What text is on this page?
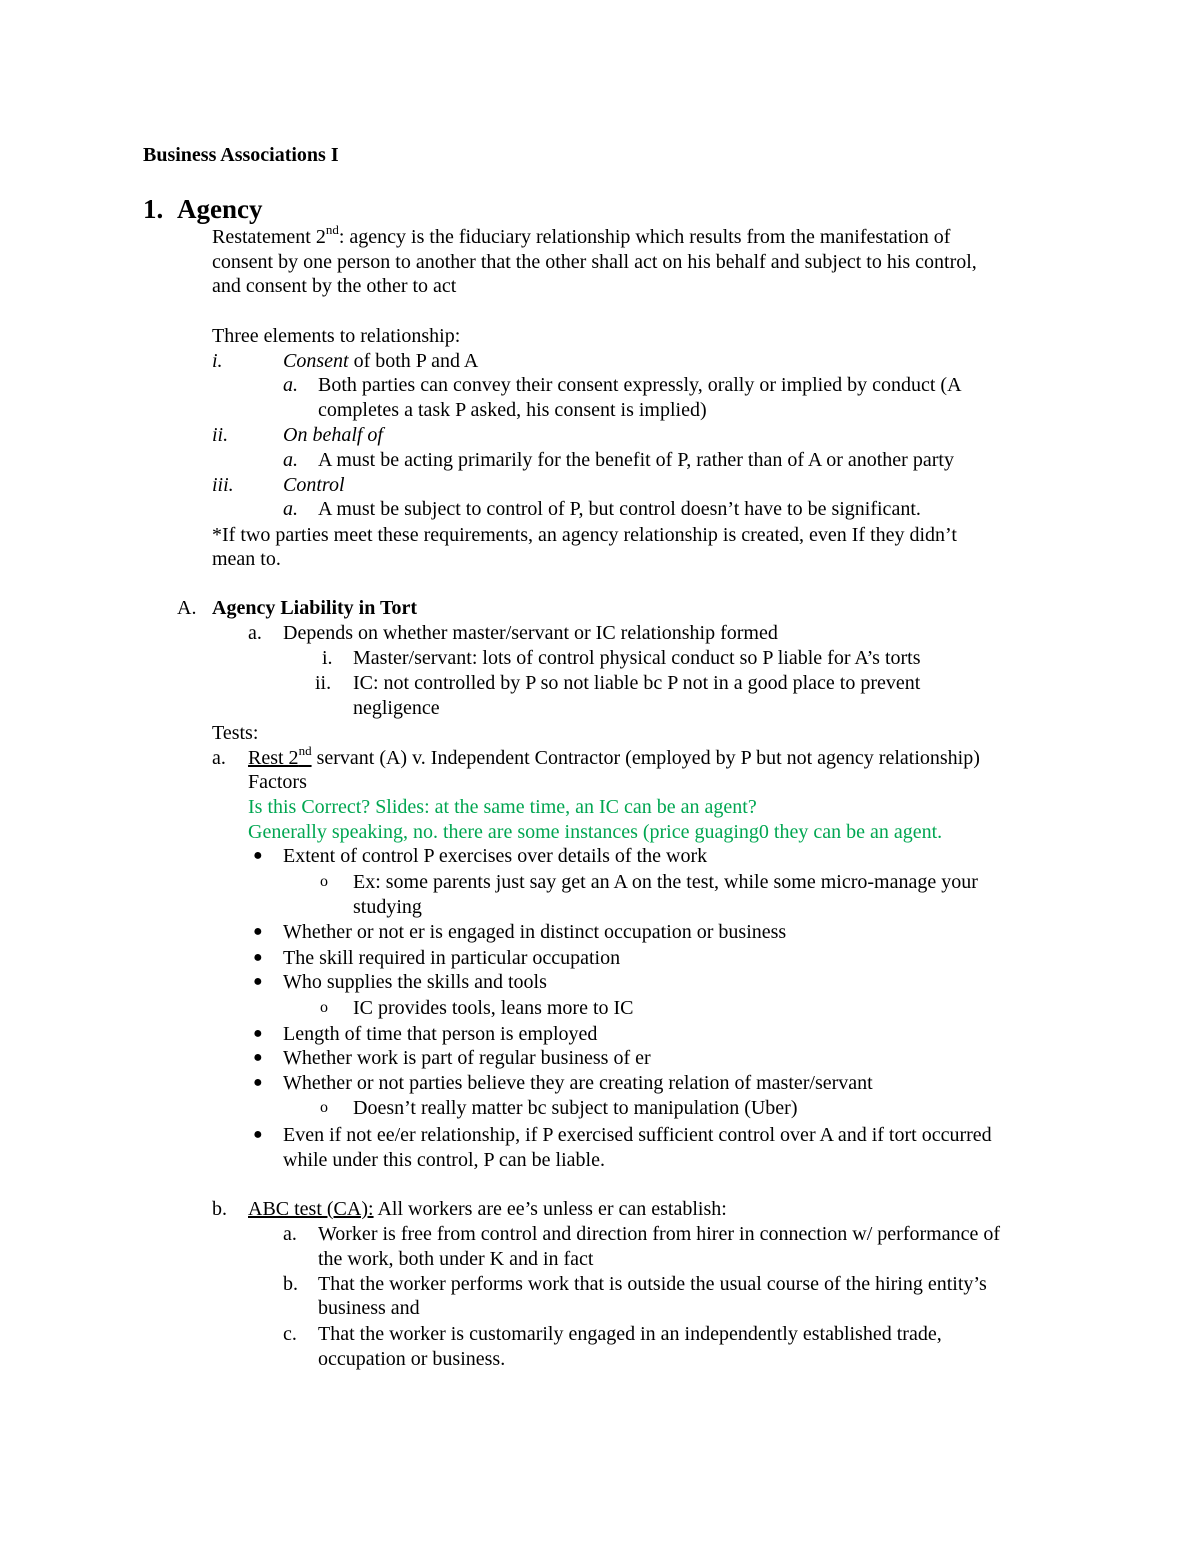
Business Associations I
1. Agency
Restatement 2nd: agency is the fiduciary relationship which results from the manifestation of
consent by one person to another that the other shall act on his behalf and subject to his control,
and consent by the other to act
Three elements to relationship:
i.	Consent of both P and A
a. Both parties can convey their consent expressly, orally or implied by conduct (A
completes a task P asked, his consent is implied)
ii.	On behalf of
a. A must be acting primarily for the benefit of P, rather than of A or another party
iii. Control
a. A must be subject to control of P, but control doesn’t have to be significant.
*If two parties meet these requirements, an agency relationship is created, even If they didn’t
mean to.
A. Agency Liability in Tort
a. Depends on whether master/servant or IC relationship formed
i. Master/servant: lots of control physical conduct so P liable for A’s torts
ii. IC: not controlled by P so not liable bc P not in a good place to prevent
negligence
Tests:
a. Rest 2nd servant (A) v. Independent Contractor (employed by P but not agency relationship)
Factors
Is this Correct? Slides: at the same time, an IC can be an agent?
Generally speaking, no. there are some instances (price guaging0 they can be an agent.
● Extent of control P exercises over details of the work
o Ex: some parents just say get an A on the test, while some micro-manage your
studying
● Whether or not er is engaged in distinct occupation or business
● The skill required in particular occupation
● Who supplies the skills and tools
o IC provides tools, leans more to IC
● Length of time that person is employed
● Whether work is part of regular business of er
● Whether or not parties believe they are creating relation of master/servant
o Doesn’t really matter bc subject to manipulation (Uber)
● Even if not ee/er relationship, if P exercised sufficient control over A and if tort occurred
while under this control, P can be liable.
b. ABC test (CA): All workers are ee’s unless er can establish:
a. Worker is free from control and direction from hirer in connection w/ performance of
the work, both under K and in fact
b. That the worker performs work that is outside the usual course of the hiring entity’s
business and
c. That the worker is customarily engaged in an independently established trade,
occupation or business.
